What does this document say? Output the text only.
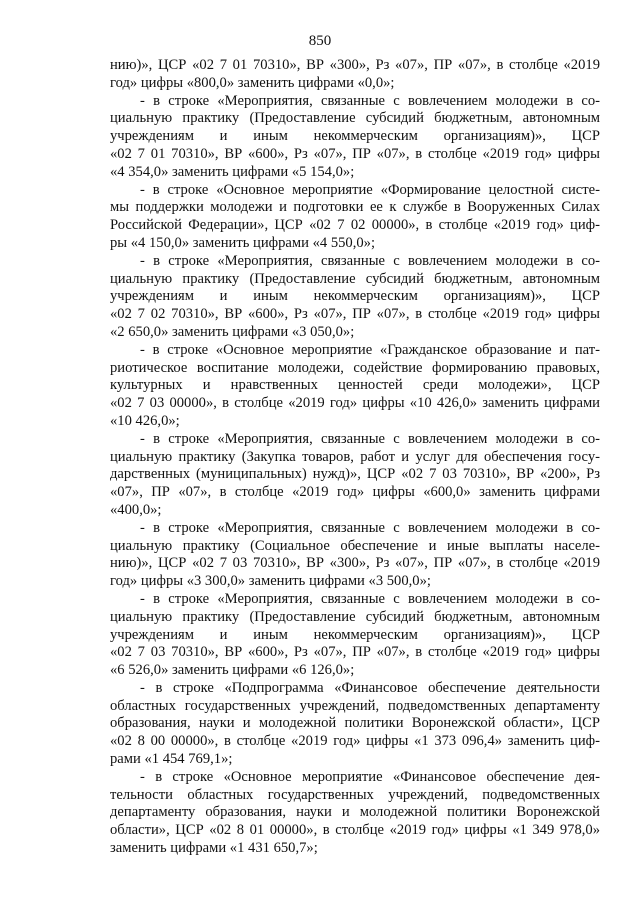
850
нию)», ЦСР «02 7 01 70310», ВР «300», Рз «07», ПР «07», в столбце «2019
год» цифры «800,0» заменить цифрами «0,0»;
- в строке «Мероприятия, связанные с вовлечением молодежи в со-
циальную практику (Предоставление субсидий бюджетным, автономным
учреждениям и иным некоммерческим организациям)», ЦСР
«02 7 01 70310», ВР «600», Рз «07», ПР «07», в столбце «2019 год» цифры
«4 354,0» заменить цифрами «5 154,0»;
- в строке «Основное мероприятие «Формирование целостной систе-
мы поддержки молодежи и подготовки ее к службе в Вооруженных Силах
Российской Федерации», ЦСР «02 7 02 00000», в столбце «2019 год» циф-
ры «4 150,0» заменить цифрами «4 550,0»;
- в строке «Мероприятия, связанные с вовлечением молодежи в со-
циальную практику (Предоставление субсидий бюджетным, автономным
учреждениям и иным некоммерческим организациям)», ЦСР
«02 7 02 70310», ВР «600», Рз «07», ПР «07», в столбце «2019 год» цифры
«2 650,0» заменить цифрами «3 050,0»;
- в строке «Основное мероприятие «Гражданское образование и пат-
риотическое воспитание молодежи, содействие формированию правовых,
культурных и нравственных ценностей среди молодежи», ЦСР
«02 7 03 00000», в столбце «2019 год» цифры «10 426,0» заменить цифрами
«10 426,0»;
- в строке «Мероприятия, связанные с вовлечением молодежи в со-
циальную практику (Закупка товаров, работ и услуг для обеспечения госу-
дарственных (муниципальных) нужд)», ЦСР «02 7 03 70310», ВР «200», Рз
«07», ПР «07», в столбце «2019 год» цифры «600,0» заменить цифрами
«400,0»;
- в строке «Мероприятия, связанные с вовлечением молодежи в со-
циальную практику (Социальное обеспечение и иные выплаты населе-
нию)», ЦСР «02 7 03 70310», ВР «300», Рз «07», ПР «07», в столбце «2019
год» цифры «3 300,0» заменить цифрами «3 500,0»;
- в строке «Мероприятия, связанные с вовлечением молодежи в со-
циальную практику (Предоставление субсидий бюджетным, автономным
учреждениям и иным некоммерческим организациям)», ЦСР
«02 7 03 70310», ВР «600», Рз «07», ПР «07», в столбце «2019 год» цифры
«6 526,0» заменить цифрами «6 126,0»;
- в строке «Подпрограмма «Финансовое обеспечение деятельности
областных государственных учреждений, подведомственных департаменту
образования, науки и молодежной политики Воронежской области», ЦСР
«02 8 00 00000», в столбце «2019 год» цифры «1 373 096,4» заменить циф-
рами «1 454 769,1»;
- в строке «Основное мероприятие «Финансовое обеспечение дея-
тельности областных государственных учреждений, подведомственных
департаменту образования, науки и молодежной политики Воронежской
области», ЦСР «02 8 01 00000», в столбце «2019 год» цифры «1 349 978,0»
заменить цифрами «1 431 650,7»;
